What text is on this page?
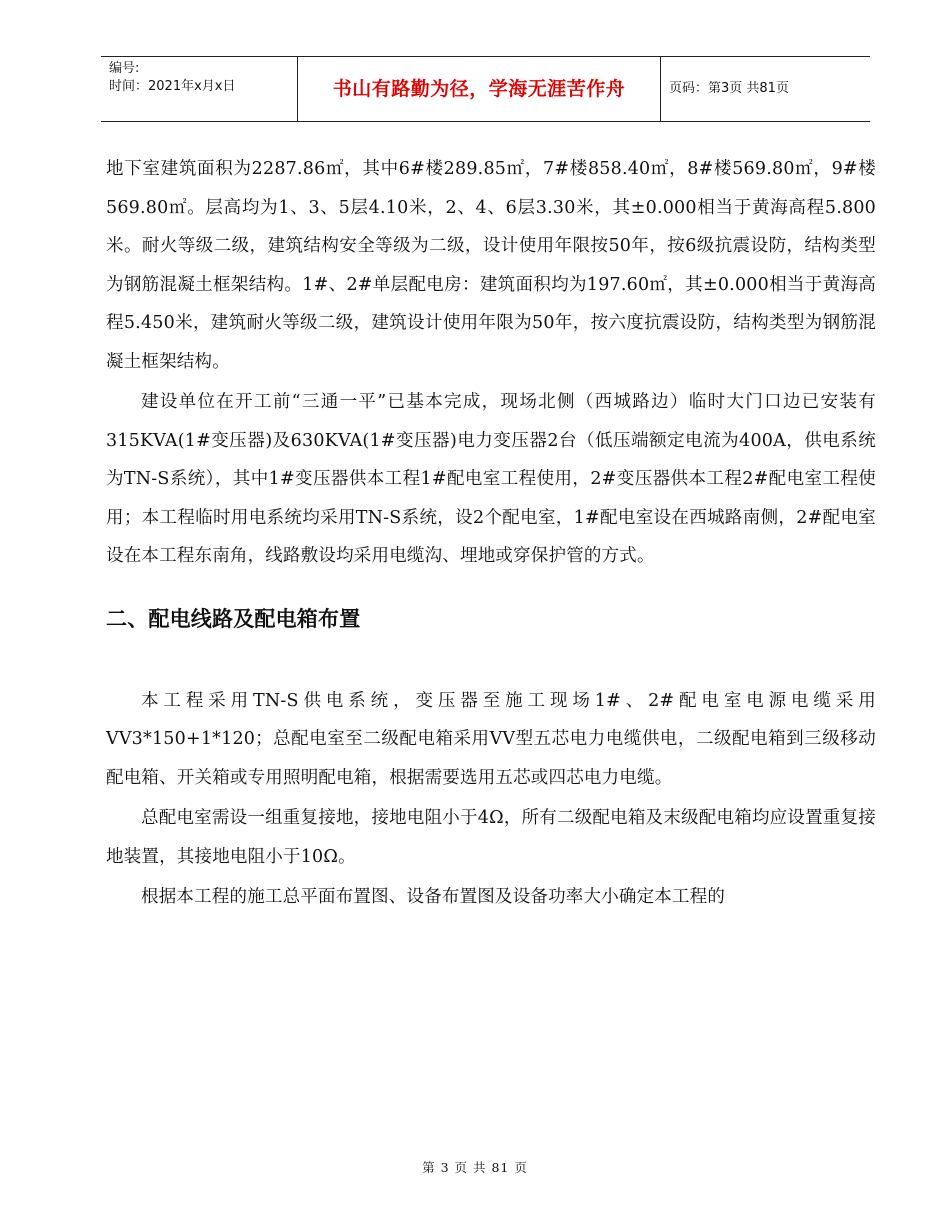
编号:
时间：2021年x月x日	书山有路勤为径，学海无涯苦作舟	页码：第3页 共81页

地下室建筑面积为2287.86㎡，其中6#楼289.85㎡，7#楼858.40㎡，8#楼569.80㎡，9#楼569.80㎡。层高均为1、3、5层4.10米，2、4、6层3.30米，其±0.000相当于黄海高程5.800米。耐火等级二级，建筑结构安全等级为二级，设计使用年限按50年，按6级抗震设防，结构类型为钢筋混凝土框架结构。1#、2#单层配电房：建筑面积均为197.60㎡，其±0.000相当于黄海高程5.450米，建筑耐火等级二级，建筑设计使用年限为50年，按六度抗震设防，结构类型为钢筋混凝土框架结构。

建设单位在开工前“三通一平”已基本完成，现场北侧（西城路边）临时大门口边已安装有315KVA(1#变压器)及630KVA(1#变压器)电力变压器2台（低压端额定电流为400A，供电系统为TN-S系统），其中1#变压器供本工程1#配电室工程使用，2#变压器供本工程2#配电室工程使用；本工程临时用电系统均采用TN-S系统，设2个配电室，1#配电室设在西城路南侧，2#配电室设在本工程东南角，线路敷设均采用电缆沟、埋地或穿保护管的方式。

二、配电线路及配电箱布置

本工程采用TN-S供电系统，变压器至施工现场1#、2#配电室电源电缆采用VV3*150+1*120；总配电室至二级配电箱采用VV型五芯电力电缆供电，二级配电箱到三级移动配电箱、开关箱或专用照明配电箱，根据需要选用五芯或四芯电力电缆。

总配电室需设一组重复接地，接地电阻小于4Ω，所有二级配电箱及末级配电箱均应设置重复接地装置，其接地电阻小于10Ω。

根据本工程的施工总平面布置图、设备布置图及设备功率大小确定本工程的

第 3 页 共 81 页
